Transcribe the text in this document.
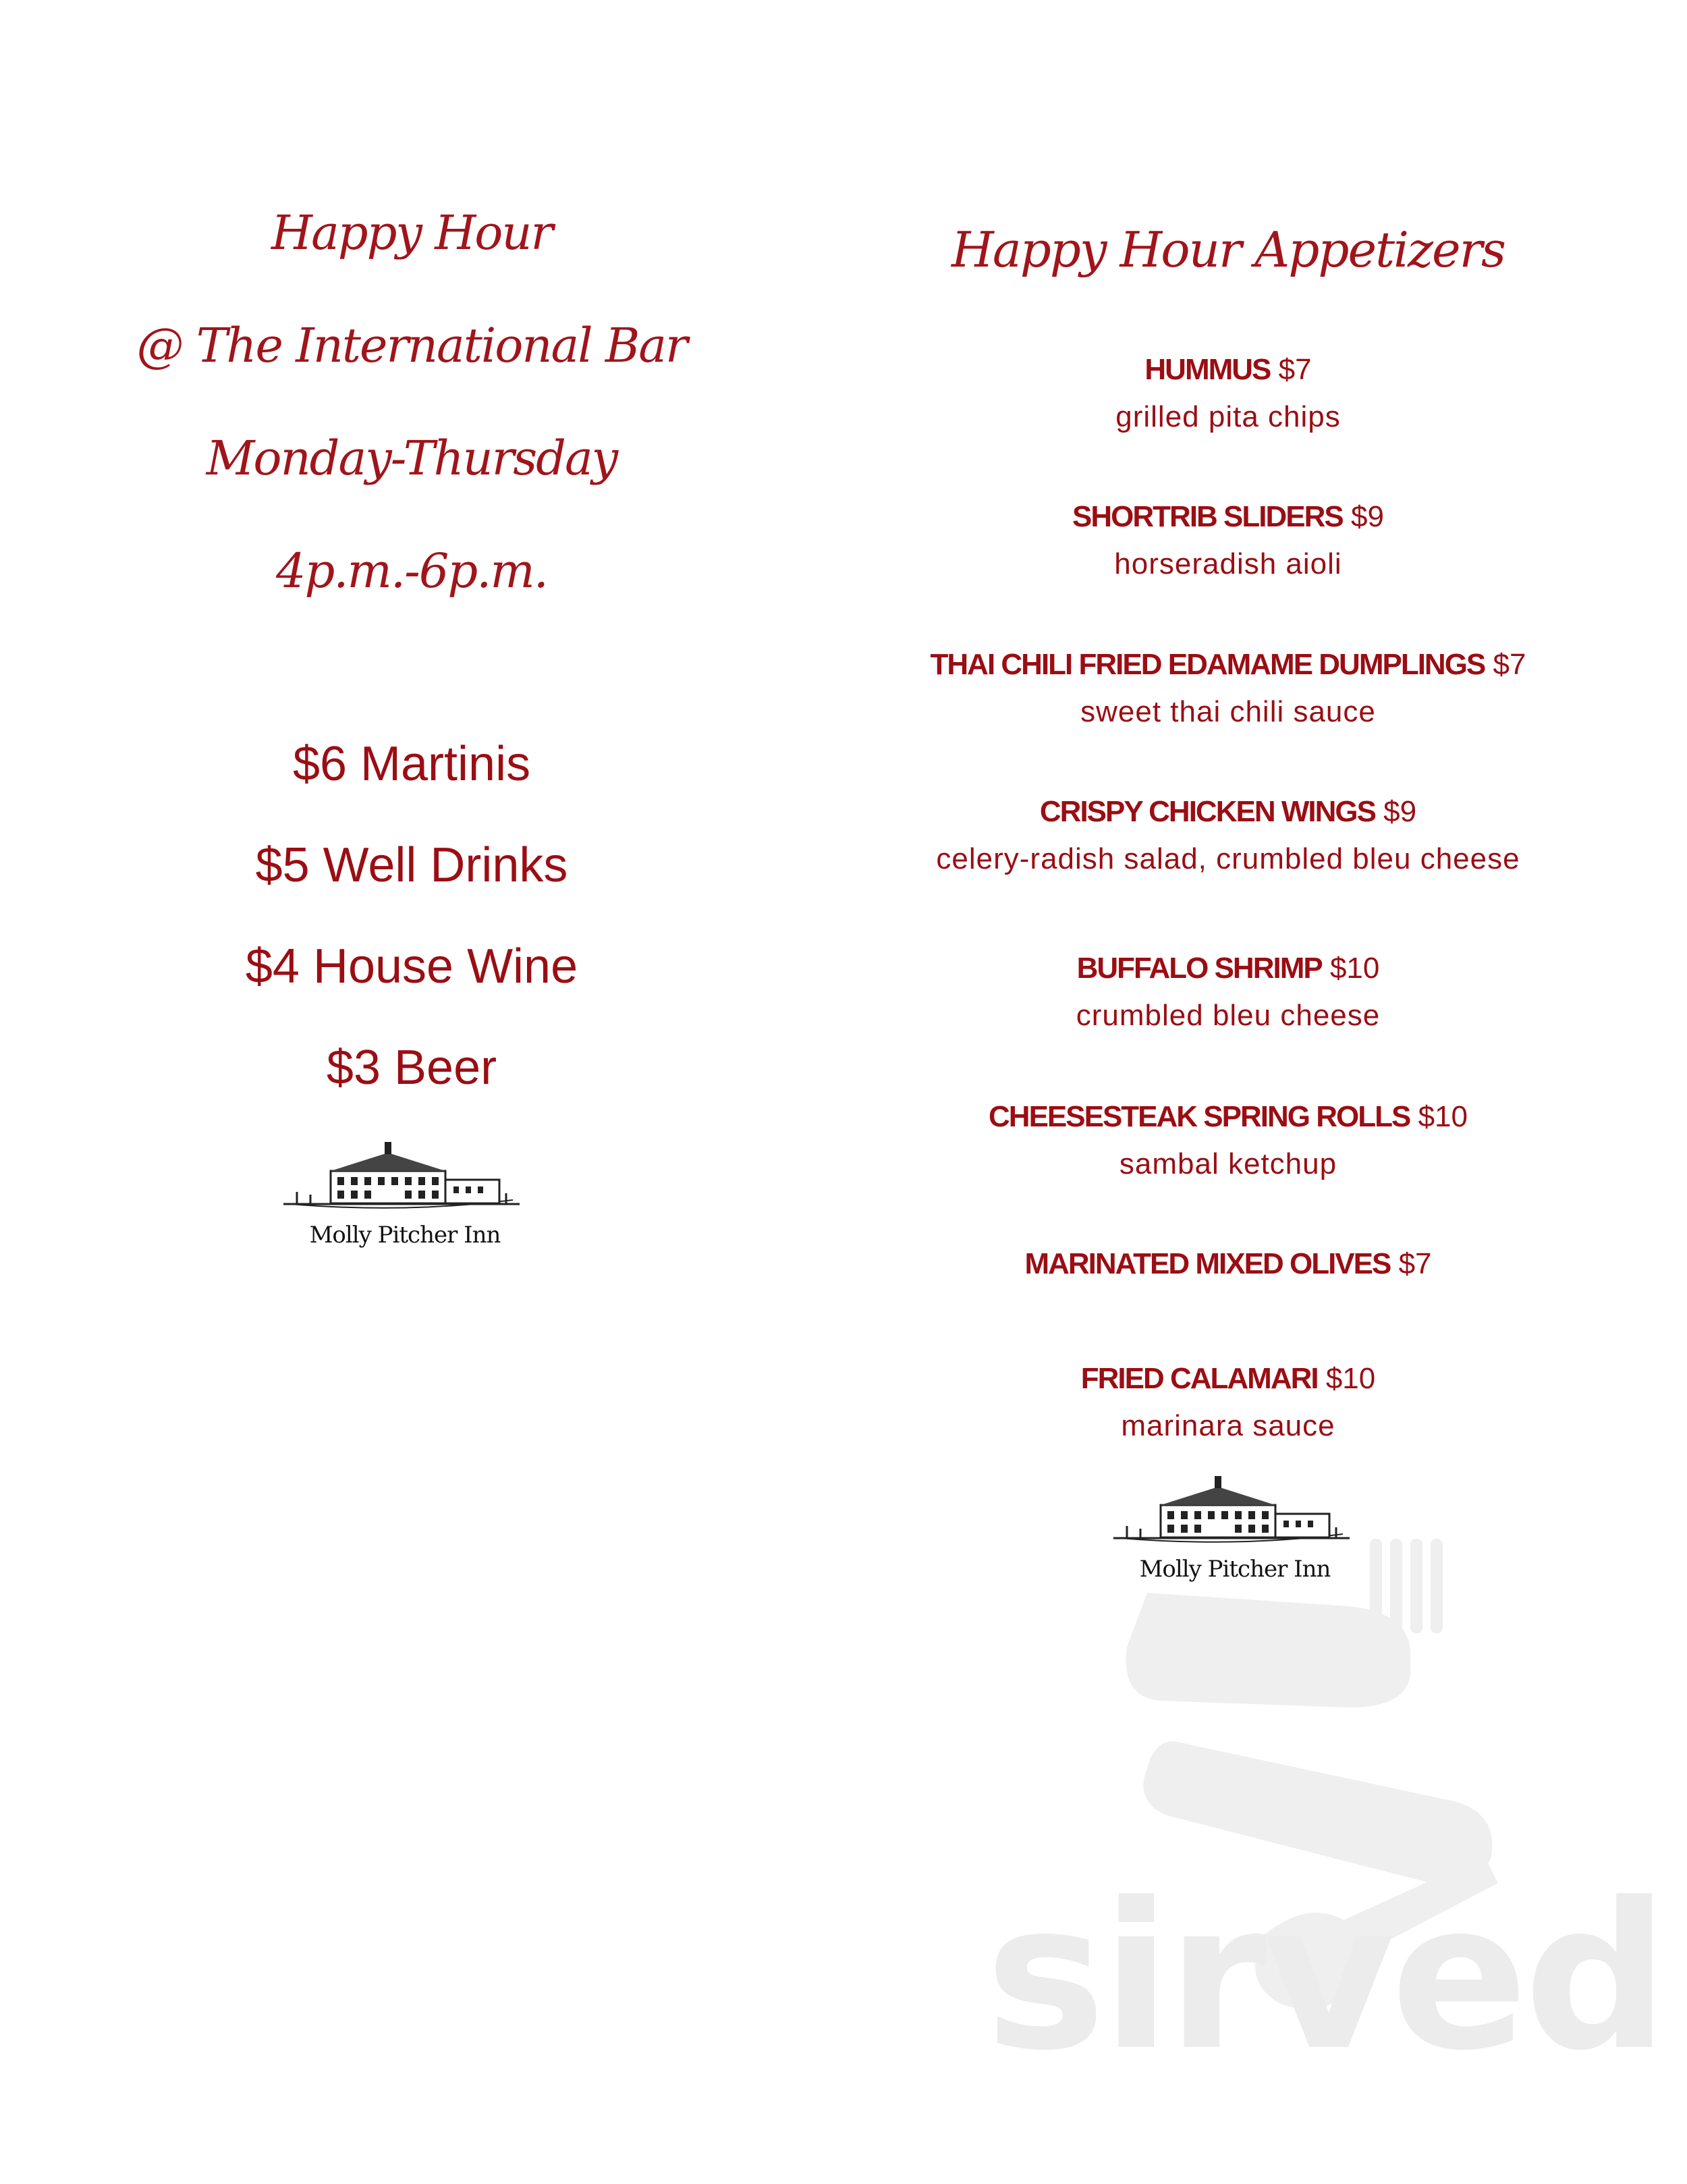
Happy Hour
@ The International Bar
Monday-Thursday
4p.m.-6p.m.
$6 Martinis
$5 Well Drinks
$4 House Wine
$3 Beer
Molly Pitcher Inn
Happy Hour Appetizers
HUMMUS $7
grilled pita chips
SHORTRIB SLIDERS $9
horseradish aioli
THAI CHILI FRIED EDAMAME DUMPLINGS $7
sweet thai chili sauce
CRISPY CHICKEN WINGS $9
celery-radish salad, crumbled bleu cheese
BUFFALO SHRIMP $10
crumbled bleu cheese
CHEESESTEAK SPRING ROLLS $10
sambal ketchup
MARINATED MIXED OLIVES $7
FRIED CALAMARI $10
marinara sauce
sirved
Molly Pitcher Inn
